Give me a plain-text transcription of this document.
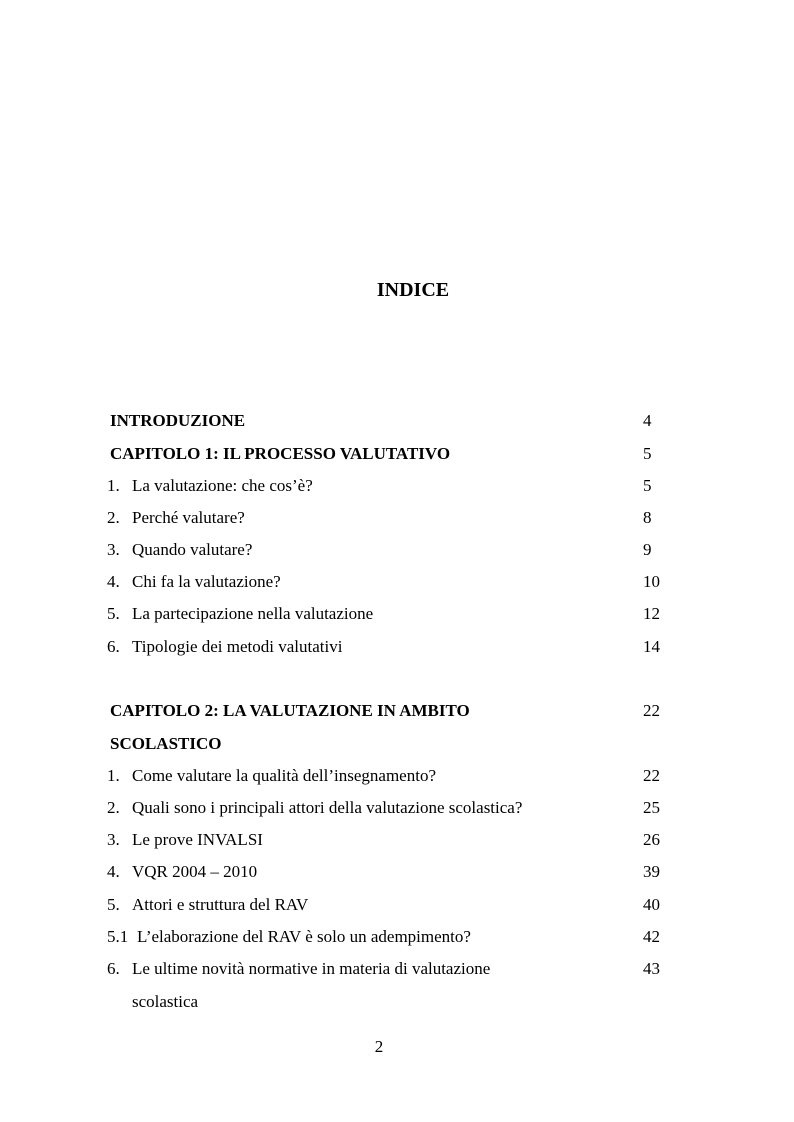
INDICE
INTRODUZIONE	4
CAPITOLO 1: IL PROCESSO VALUTATIVO	5
1. La valutazione: che cos’è?	5
2. Perché valutare?	8
3. Quando valutare?	9
4. Chi fa la valutazione?	10
5. La partecipazione nella valutazione	12
6. Tipologie dei metodi valutativi	14
CAPITOLO 2: LA VALUTAZIONE IN AMBITO	22
SCOLASTICO
1. Come valutare la qualità dell’insegnamento?	22
2. Quali sono i principali attori della valutazione scolastica?	25
3. Le prove INVALSI	26
4. VQR 2004 – 2010	39
5. Attori e struttura del RAV	40
5.1 L’elaborazione del RAV è solo un adempimento?	42
6. Le ultime novità normative in materia di valutazione	43
scolastica
2
